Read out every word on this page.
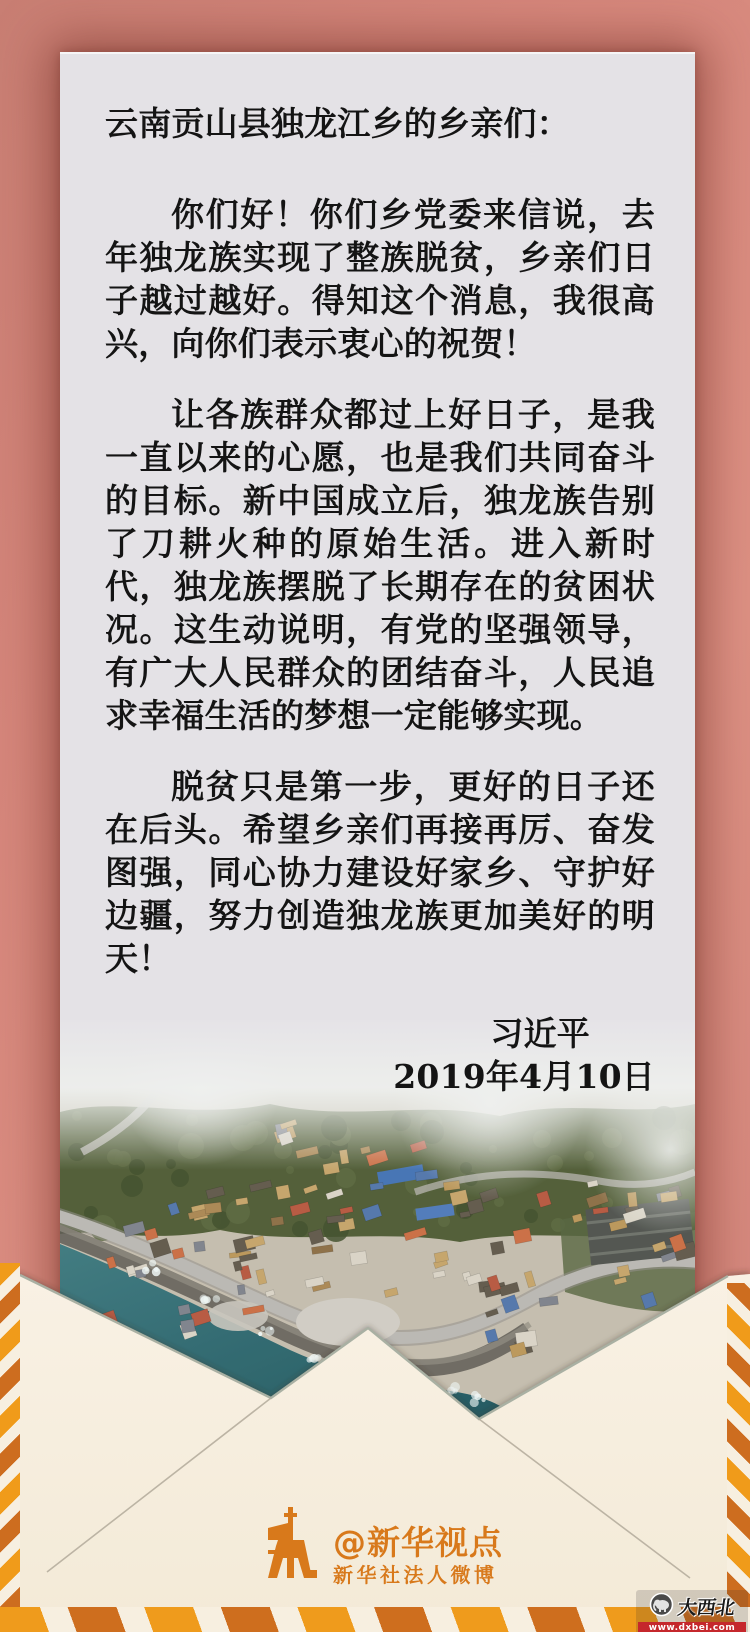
云南贡山县独龙江乡的乡亲们：

你们好！你们乡党委来信说，去年独龙族实现了整族脱贫，乡亲们日子越过越好。得知这个消息，我很高兴，向你们表示衷心的祝贺！

让各族群众都过上好日子，是我一直以来的心愿，也是我们共同奋斗的目标。新中国成立后，独龙族告别了刀耕火种的原始生活。进入新时代，独龙族摆脱了长期存在的贫困状况。这生动说明，有党的坚强领导，有广大人民群众的团结奋斗，人民追求幸福生活的梦想一定能够实现。

脱贫只是第一步，更好的日子还在后头。希望乡亲们再接再厉、奋发图强，同心协力建设好家乡、守护好边疆，努力创造独龙族更加美好的明天！

习近平
2019年4月10日
@新华视点
新华社法人微博
大西北
www.dxbei.com
